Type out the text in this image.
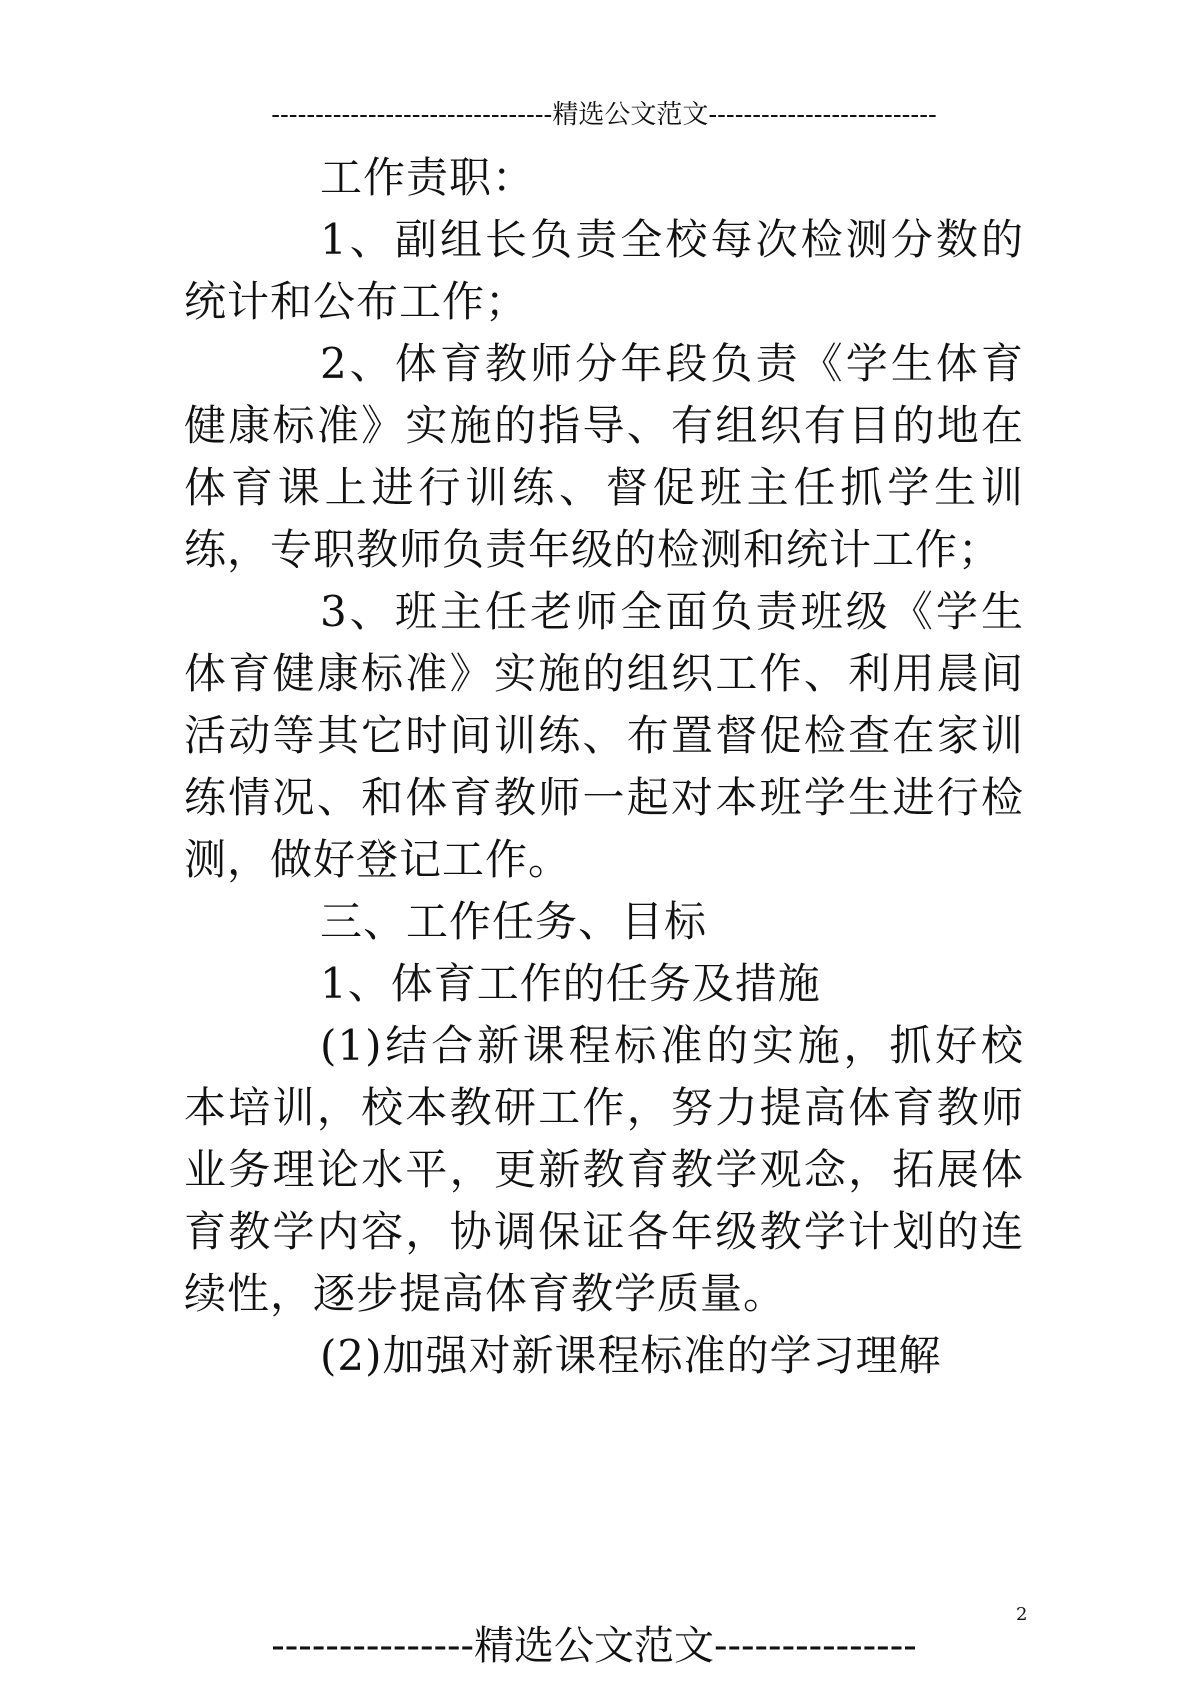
--------------------------------精选公文范文--------------------------

工作责职：

1、副组长负责全校每次检测分数的统计和公布工作；

2、体育教师分年段负责《学生体育健康标准》实施的指导、有组织有目的地在体育课上进行训练、督促班主任抓学生训练，专职教师负责年级的检测和统计工作；

3、班主任老师全面负责班级《学生体育健康标准》实施的组织工作、利用晨间活动等其它时间训练、布置督促检查在家训练情况、和体育教师一起对本班学生进行检测，做好登记工作。

三、工作任务、目标

1、体育工作的任务及措施

(1)结合新课程标准的实施，抓好校本培训，校本教研工作，努力提高体育教师业务理论水平，更新教育教学观念，拓展体育教学内容，协调保证各年级教学计划的连续性，逐步提高体育教学质量。

(2)加强对新课程标准的学习理解

2
---------------精选公文范文---------------
